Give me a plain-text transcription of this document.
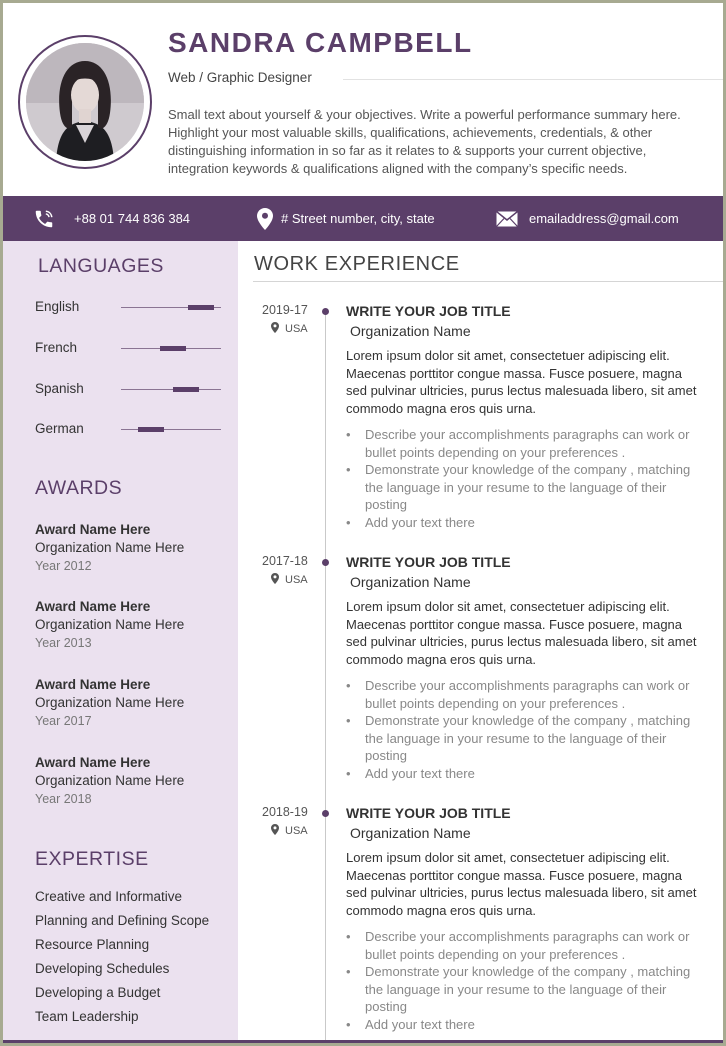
SANDRA CAMPBELL
Web / Graphic Designer
Small text about yourself & your objectives. Write a powerful performance summary here. Highlight your most valuable skills, qualifications, achievements, credentials, & other distinguishing information in so far as it relates to & supports your current objective, integration keywords & qualifications aligned with the company’s specific needs.
+88 01 744 836 384	# Street number, city, state	emailaddress@gmail.com
LANGUAGES
English
French
Spanish
German
AWARDS
Award Name Here
Organization Name Here
Year 2012
Award Name Here
Organization Name Here
Year 2013
Award Name Here
Organization Name Here
Year 2017
Award Name Here
Organization Name Here
Year 2018
EXPERTISE
Creative and Informative
Planning and Defining Scope
Resource Planning
Developing Schedules
Developing a Budget
Team Leadership
WORK EXPERIENCE
2019-17
USA
WRITE YOUR JOB TITLE
Organization Name
Lorem ipsum dolor sit amet, consectetuer adipiscing elit. Maecenas porttitor congue massa. Fusce posuere, magna sed pulvinar ultricies, purus lectus malesuada libero, sit amet commodo magna eros quis urna.
• Describe your accomplishments paragraphs can work or bullet points depending on your preferences .
• Demonstrate your knowledge of the company , matching the language in your resume to the language of their posting
• Add your text there
2017-18
USA
WRITE YOUR JOB TITLE
Organization Name
Lorem ipsum dolor sit amet, consectetuer adipiscing elit. Maecenas porttitor congue massa. Fusce posuere, magna sed pulvinar ultricies, purus lectus malesuada libero, sit amet commodo magna eros quis urna.
• Describe your accomplishments paragraphs can work or bullet points depending on your preferences .
• Demonstrate your knowledge of the company , matching the language in your resume to the language of their posting
• Add your text there
2018-19
USA
WRITE YOUR JOB TITLE
Organization Name
Lorem ipsum dolor sit amet, consectetuer adipiscing elit. Maecenas porttitor congue massa. Fusce posuere, magna sed pulvinar ultricies, purus lectus malesuada libero, sit amet commodo magna eros quis urna.
• Describe your accomplishments paragraphs can work or bullet points depending on your preferences .
• Demonstrate your knowledge of the company , matching the language in your resume to the language of their posting
• Add your text there
